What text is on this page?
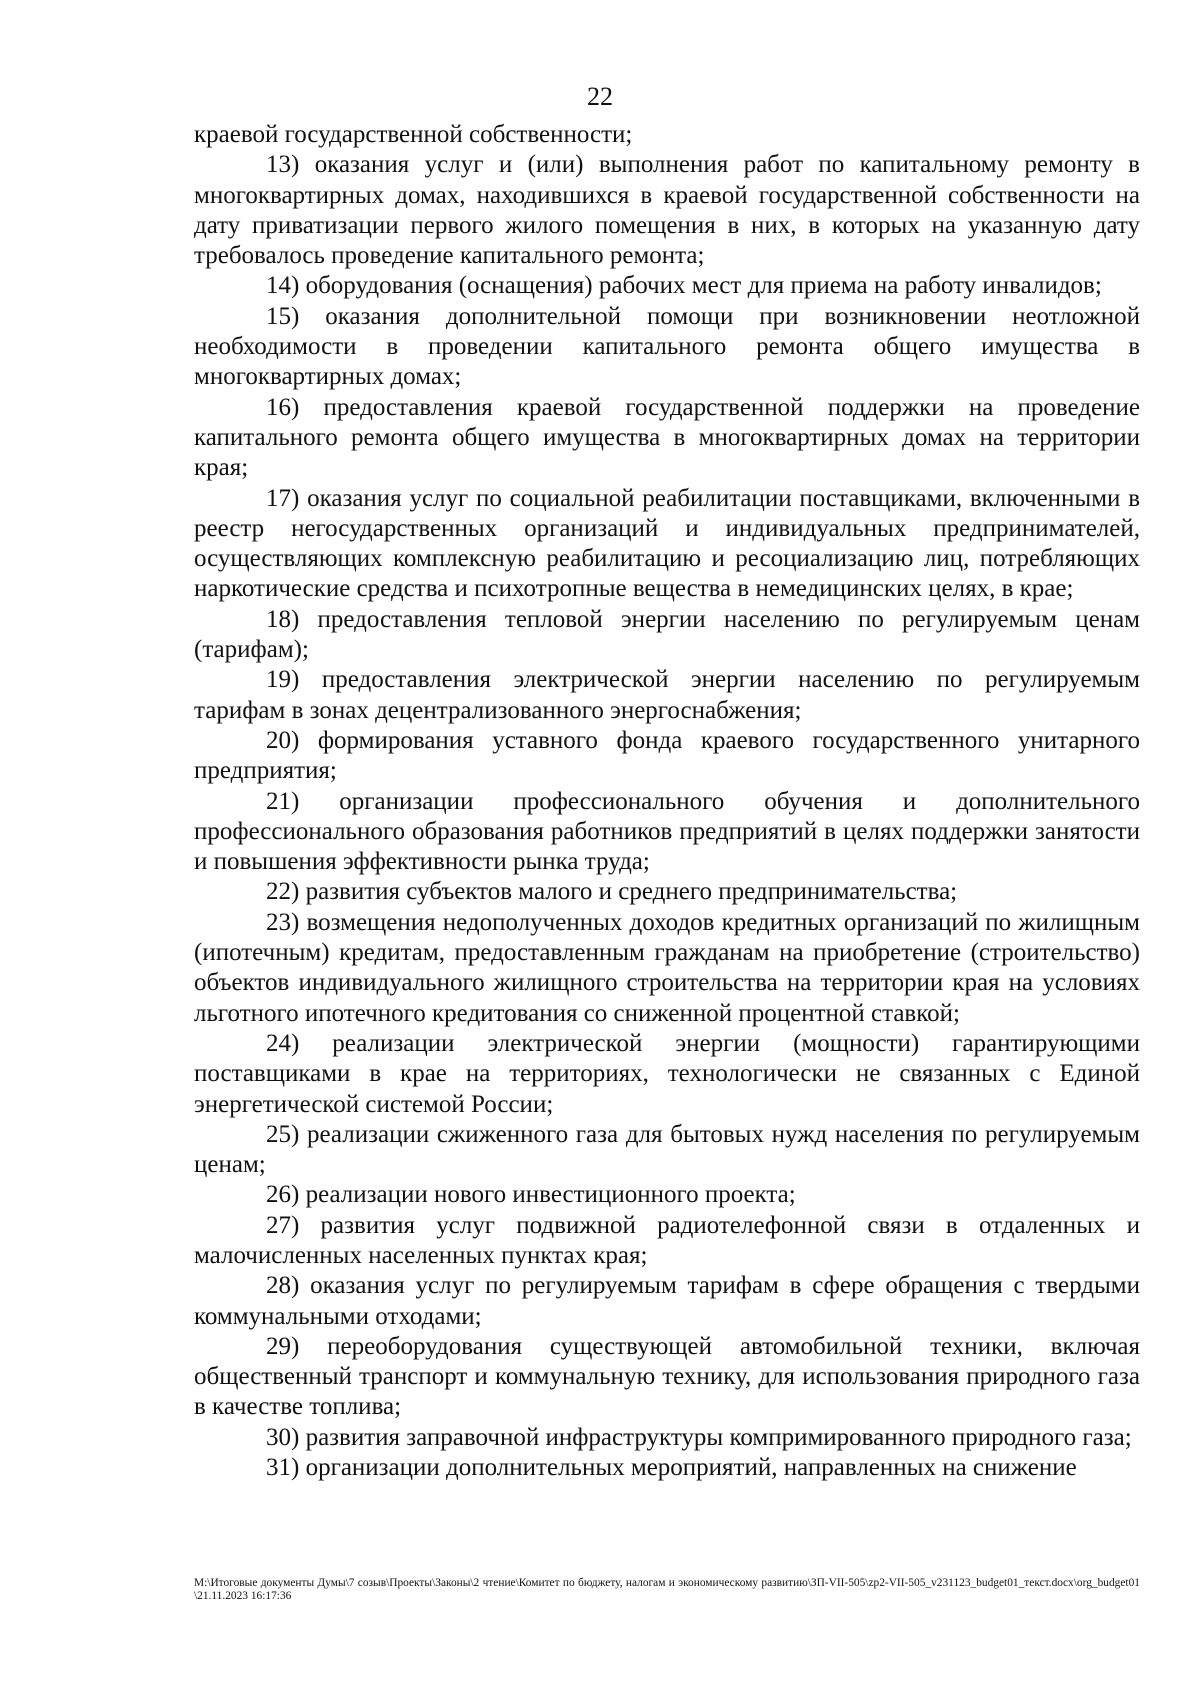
22

краевой государственной собственности;

13) оказания услуг и (или) выполнения работ по капитальному ремонту в многоквартирных домах, находившихся в краевой государственной собственности на дату приватизации первого жилого помещения в них, в которых на указанную дату требовалось проведение капитального ремонта;

14) оборудования (оснащения) рабочих мест для приема на работу инвалидов;

15) оказания дополнительной помощи при возникновении неотложной необходимости в проведении капитального ремонта общего имущества в многоквартирных домах;

16) предоставления краевой государственной поддержки на проведение капитального ремонта общего имущества в многоквартирных домах на территории края;

17) оказания услуг по социальной реабилитации поставщиками, включенными в реестр негосударственных организаций и индивидуальных предпринимателей, осуществляющих комплексную реабилитацию и ресоциализацию лиц, потребляющих наркотические средства и психотропные вещества в немедицинских целях, в крае;

18) предоставления тепловой энергии населению по регулируемым ценам (тарифам);

19) предоставления электрической энергии населению по регулируемым тарифам в зонах децентрализованного энергоснабжения;

20) формирования уставного фонда краевого государственного унитарного предприятия;

21) организации профессионального обучения и дополнительного профессионального образования работников предприятий в целях поддержки занятости и повышения эффективности рынка труда;

22) развития субъектов малого и среднего предпринимательства;

23) возмещения недополученных доходов кредитных организаций по жилищным (ипотечным) кредитам, предоставленным гражданам на приобретение (строительство) объектов индивидуального жилищного строительства на территории края на условиях льготного ипотечного кредитования со сниженной процентной ставкой;

24) реализации электрической энергии (мощности) гарантирующими поставщиками в крае на территориях, технологически не связанных с Единой энергетической системой России;

25) реализации сжиженного газа для бытовых нужд населения по регулируемым ценам;

26) реализации нового инвестиционного проекта;

27) развития услуг подвижной радиотелефонной связи в отдаленных и малочисленных населенных пунктах края;

28) оказания услуг по регулируемым тарифам в сфере обращения с твердыми коммунальными отходами;

29) переоборудования существующей автомобильной техники, включая общественный транспорт и коммунальную технику, для использования природного газа в качестве топлива;

30) развития заправочной инфраструктуры компримированного природного газа;

31) организации дополнительных мероприятий, направленных на снижение

M:\Итоговые документы Думы\7 созыв\Проекты\Законы\2 чтение\Комитет по бюджету, налогам и экономическому развитию\ЗП-VII-505\zp2-VII-505_v231123_budget01_текст.docx\org_budget01\21.11.2023 16:17:36
